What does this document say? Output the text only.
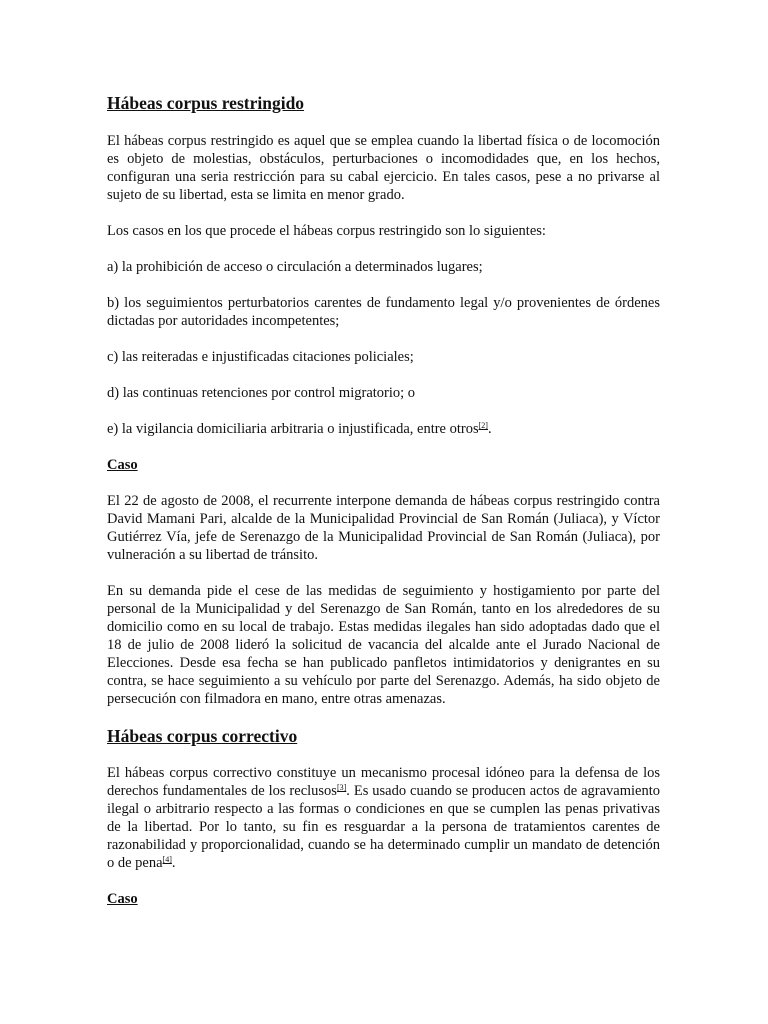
Hábeas corpus restringido

El hábeas corpus restringido es aquel que se emplea cuando la libertad física o de locomoción es objeto de molestias, obstáculos, perturbaciones o incomodidades que, en los hechos, configuran una seria restricción para su cabal ejercicio. En tales casos, pese a no privarse al sujeto de su libertad, esta se limita en menor grado.

Los casos en los que procede el hábeas corpus restringido son lo siguientes:

a) la prohibición de acceso o circulación a determinados lugares;

b) los seguimientos perturbatorios carentes de fundamento legal y/o provenientes de órdenes dictadas por autoridades incompetentes;

c) las reiteradas e injustificadas citaciones policiales;

d) las continuas retenciones por control migratorio; o

e) la vigilancia domiciliaria arbitraria o injustificada, entre otros[2].

Caso

El 22 de agosto de 2008, el recurrente interpone demanda de hábeas corpus restringido contra David Mamani Pari, alcalde de la Municipalidad Provincial de San Román (Juliaca), y Víctor Gutiérrez Vía, jefe de Serenazgo de la Municipalidad Provincial de San Román (Juliaca), por vulneración a su libertad de tránsito.

En su demanda pide el cese de las medidas de seguimiento y hostigamiento por parte del personal de la Municipalidad y del Serenazgo de San Román, tanto en los alrededores de su domicilio como en su local de trabajo. Estas medidas ilegales han sido adoptadas dado que el 18 de julio de 2008 lideró la solicitud de vacancia del alcalde ante el Jurado Nacional de Elecciones. Desde esa fecha se han publicado panfletos intimidatorios y denigrantes en su contra, se hace seguimiento a su vehículo por parte del Serenazgo. Además, ha sido objeto de persecución con filmadora en mano, entre otras amenazas.

Hábeas corpus correctivo

El hábeas corpus correctivo constituye un mecanismo procesal idóneo para la defensa de los derechos fundamentales de los reclusos[3]. Es usado cuando se producen actos de agravamiento ilegal o arbitrario respecto a las formas o condiciones en que se cumplen las penas privativas de la libertad. Por lo tanto, su fin es resguardar a la persona de tratamientos carentes de razonabilidad y proporcionalidad, cuando se ha determinado cumplir un mandato de detención o de pena[4].

Caso
